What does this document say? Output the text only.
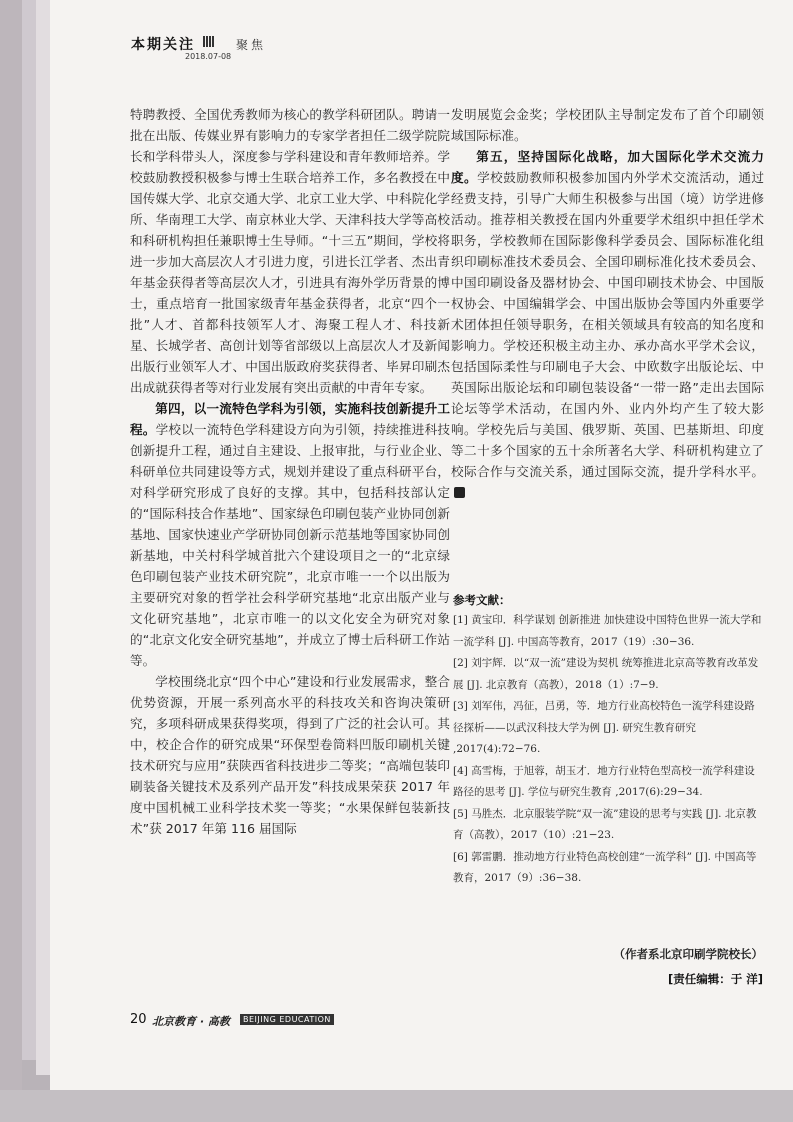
本期关注	聚焦
2018.07-08

特聘教授、全国优秀教师为核心的教学科研团队。聘请一批在出版、传媒业界有影响力的专家学者担任二级学院院长和学科带头人，深度参与学科建设和青年教师培养。学校鼓励教授积极参与博士生联合培养工作，多名教授在中国传媒大学、北京交通大学、北京工业大学、中科院化学所、华南理工大学、南京林业大学、天津科技大学等高校和科研机构担任兼职博士生导师。“十三五”期间，学校将进一步加大高层次人才引进力度，引进长江学者、杰出青年基金获得者等高层次人才，引进具有海外学历背景的博士，重点培育一批国家级青年基金获得者，北京“四个一批”人才、首都科技领军人才、海聚工程人才、科技新星、长城学者、高创计划等省部级以上高层次人才及新闻出版行业领军人才、中国出版政府奖获得者、毕昇印刷杰出成就获得者等对行业发展有突出贡献的中青年专家。

第四，以一流特色学科为引领，实施科技创新提升工程。学校以一流特色学科建设方向为引领，持续推进科技创新提升工程，通过自主建设、上报审批，与行业企业、科研单位共同建设等方式，规划并建设了重点科研平台，对科学研究形成了良好的支撑。其中，包括科技部认定的“国际科技合作基地”、国家绿色印刷包装产业协同创新基地、国家快速业产学研协同创新示范基地等国家协同创新基地，中关村科学城首批六个建设项目之一的“北京绿色印刷包装产业技术研究院”，北京市唯一一个以出版为主要研究对象的哲学社会科学研究基地“北京出版产业与文化研究基地”，北京市唯一的以文化安全为研究对象的“北京文化安全研究基地”，并成立了博士后科研工作站等。

学校围绕北京“四个中心”建设和行业发展需求，整合优势资源，开展一系列高水平的科技攻关和咨询决策研究，多项科研成果获得奖项，得到了广泛的社会认可。其中，校企合作的研究成果“环保型卷筒料凹版印刷机关键技术研究与应用”获陕西省科技进步二等奖；“高端包装印刷装备关键技术及系列产品开发”科技成果荣获 2017 年度中国机械工业科学技术奖一等奖；“水果保鲜包装新技术”获 2017 年第 116 届国际

发明展览会金奖；学校团队主导制定发布了首个印刷领域国际标准。

第五，坚持国际化战略，加大国际化学术交流力度。学校鼓励教师积极参加国内外学术交流活动，通过经费支持，引导广大师生积极参与出国（境）访学进修活动。推荐相关教授在国内外重要学术组织中担任学术职务，学校教师在国际影像科学委员会、国际标准化组织印刷标准技术委员会、全国印刷标准化技术委员会、中国印刷设备及器材协会、中国印刷技术协会、中国版权协会、中国编辑学会、中国出版协会等国内外重要学术团体担任领导职务，在相关领域具有较高的知名度和影响力。学校还积极主动主办、承办高水平学术会议，包括国际柔性与印刷电子大会、中欧数字出版论坛、中英国际出版论坛和印刷包装设备“一带一路”走出去国际论坛等学术活动，在国内外、业内外均产生了较大影响。学校先后与美国、俄罗斯、英国、巴基斯坦、印度等二十多个国家的五十余所著名大学、科研机构建立了校际合作与交流关系，通过国际交流，提升学科水平。

参考文献：
[1] 黄宝印．科学谋划 创新推进 加快建设中国特色世界一流大学和一流学科 [J]. 中国高等教育，2017（19）:30−36.
[2] 刘宇辉．以“双一流”建设为契机 统筹推进北京高等教育改革发展 [J]. 北京教育（高教），2018（1）:7−9.
[3] 刘军伟，冯征，吕勇，等．地方行业高校特色一流学科建设路径探析——以武汉科技大学为例 [J]. 研究生教育研究 ,2017(4):72−76.
[4] 高雪梅，于旭蓉，胡玉才．地方行业特色型高校一流学科建设路径的思考 [J]. 学位与研究生教育 ,2017(6):29−34.
[5] 马胜杰．北京服装学院“双一流”建设的思考与实践 [J]. 北京教育（高教），2017（10）:21−23.
[6] 郭雷鹏．推动地方行业特色高校创建“一流学科” [J]. 中国高等教育，2017（9）:36−38.
（作者系北京印刷学院校长）
[责任编辑：于 洋]
20 北京教育 · 高教	BEIJING EDUCATION
